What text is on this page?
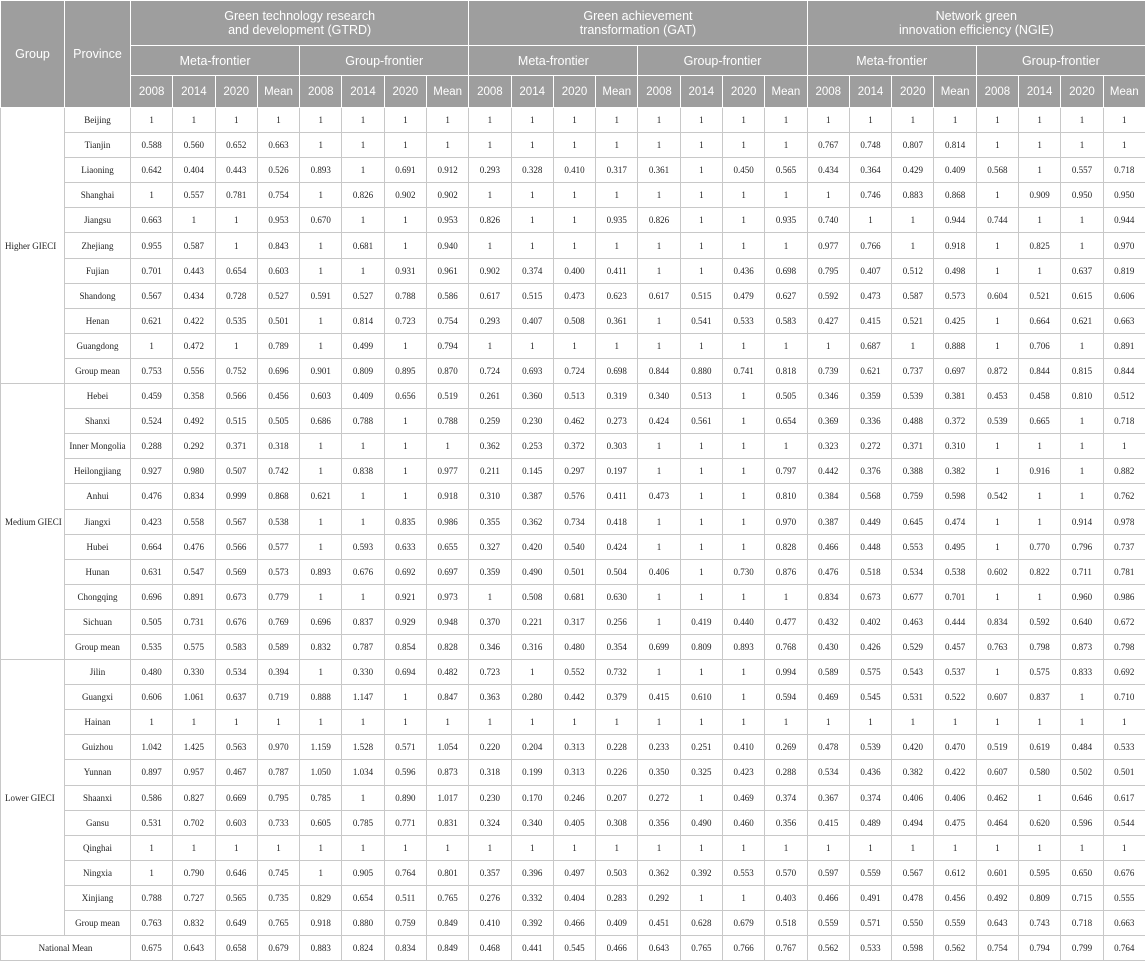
Group	Province	Green technology research
and development (GTRD)								Green achievement
transformation (GAT)								Network green
innovation efficiency (NGIE)							
		Meta-frontier				Group-frontier				Meta-frontier				Group-frontier				Meta-frontier				Group-frontier			
		2008	2014	2020	Mean	2008	2014	2020	Mean	2008	2014	2020	Mean	2008	2014	2020	Mean	2008	2014	2020	Mean	2008	2014	2020	Mean
Higher GIECI	Beijing	1	1	1	1	1	1	1	1	1	1	1	1	1	1	1	1	1	1	1	1	1	1	1	1
	Tianjin	0.588	0.560	0.652	0.663	1	1	1	1	1	1	1	1	1	1	1	1	0.767	0.748	0.807	0.814	1	1	1	1
	Liaoning	0.642	0.404	0.443	0.526	0.893	1	0.691	0.912	0.293	0.328	0.410	0.317	0.361	1	0.450	0.565	0.434	0.364	0.429	0.409	0.568	1	0.557	0.718
	Shanghai	1	0.557	0.781	0.754	1	0.826	0.902	0.902	1	1	1	1	1	1	1	1	1	0.746	0.883	0.868	1	0.909	0.950	0.950
	Jiangsu	0.663	1	1	0.953	0.670	1	1	0.953	0.826	1	1	0.935	0.826	1	1	0.935	0.740	1	1	0.944	0.744	1	1	0.944
	Zhejiang	0.955	0.587	1	0.843	1	0.681	1	0.940	1	1	1	1	1	1	1	1	0.977	0.766	1	0.918	1	0.825	1	0.970
	Fujian	0.701	0.443	0.654	0.603	1	1	0.931	0.961	0.902	0.374	0.400	0.411	1	1	0.436	0.698	0.795	0.407	0.512	0.498	1	1	0.637	0.819
	Shandong	0.567	0.434	0.728	0.527	0.591	0.527	0.788	0.586	0.617	0.515	0.473	0.623	0.617	0.515	0.479	0.627	0.592	0.473	0.587	0.573	0.604	0.521	0.615	0.606
	Henan	0.621	0.422	0.535	0.501	1	0.814	0.723	0.754	0.293	0.407	0.508	0.361	1	0.541	0.533	0.583	0.427	0.415	0.521	0.425	1	0.664	0.621	0.663
	Guangdong	1	0.472	1	0.789	1	0.499	1	0.794	1	1	1	1	1	1	1	1	1	0.687	1	0.888	1	0.706	1	0.891
	Group mean	0.753	0.556	0.752	0.696	0.901	0.809	0.895	0.870	0.724	0.693	0.724	0.698	0.844	0.880	0.741	0.818	0.739	0.621	0.737	0.697	0.872	0.844	0.815	0.844
Medium GIECI	Hebei	0.459	0.358	0.566	0.456	0.603	0.409	0.656	0.519	0.261	0.360	0.513	0.319	0.340	0.513	1	0.505	0.346	0.359	0.539	0.381	0.453	0.458	0.810	0.512
	Shanxi	0.524	0.492	0.515	0.505	0.686	0.788	1	0.788	0.259	0.230	0.462	0.273	0.424	0.561	1	0.654	0.369	0.336	0.488	0.372	0.539	0.665	1	0.718
	Inner Mongolia	0.288	0.292	0.371	0.318	1	1	1	1	0.362	0.253	0.372	0.303	1	1	1	1	0.323	0.272	0.371	0.310	1	1	1	1
	Heilongjiang	0.927	0.980	0.507	0.742	1	0.838	1	0.977	0.211	0.145	0.297	0.197	1	1	1	0.797	0.442	0.376	0.388	0.382	1	0.916	1	0.882
	Anhui	0.476	0.834	0.999	0.868	0.621	1	1	0.918	0.310	0.387	0.576	0.411	0.473	1	1	0.810	0.384	0.568	0.759	0.598	0.542	1	1	0.762
	Jiangxi	0.423	0.558	0.567	0.538	1	1	0.835	0.986	0.355	0.362	0.734	0.418	1	1	1	0.970	0.387	0.449	0.645	0.474	1	1	0.914	0.978
	Hubei	0.664	0.476	0.566	0.577	1	0.593	0.633	0.655	0.327	0.420	0.540	0.424	1	1	1	0.828	0.466	0.448	0.553	0.495	1	0.770	0.796	0.737
	Hunan	0.631	0.547	0.569	0.573	0.893	0.676	0.692	0.697	0.359	0.490	0.501	0.504	0.406	1	0.730	0.876	0.476	0.518	0.534	0.538	0.602	0.822	0.711	0.781
	Chongqing	0.696	0.891	0.673	0.779	1	1	0.921	0.973	1	0.508	0.681	0.630	1	1	1	1	0.834	0.673	0.677	0.701	1	1	0.960	0.986
	Sichuan	0.505	0.731	0.676	0.769	0.696	0.837	0.929	0.948	0.370	0.221	0.317	0.256	1	0.419	0.440	0.477	0.432	0.402	0.463	0.444	0.834	0.592	0.640	0.672
	Group mean	0.535	0.575	0.583	0.589	0.832	0.787	0.854	0.828	0.346	0.316	0.480	0.354	0.699	0.809	0.893	0.768	0.430	0.426	0.529	0.457	0.763	0.798	0.873	0.798
Lower GIECI	Jilin	0.480	0.330	0.534	0.394	1	0.330	0.694	0.482	0.723	1	0.552	0.732	1	1	1	0.994	0.589	0.575	0.543	0.537	1	0.575	0.833	0.692
	Guangxi	0.606	1.061	0.637	0.719	0.888	1.147	1	0.847	0.363	0.280	0.442	0.379	0.415	0.610	1	0.594	0.469	0.545	0.531	0.522	0.607	0.837	1	0.710
	Hainan	1	1	1	1	1	1	1	1	1	1	1	1	1	1	1	1	1	1	1	1	1	1	1	1
	Guizhou	1.042	1.425	0.563	0.970	1.159	1.528	0.571	1.054	0.220	0.204	0.313	0.228	0.233	0.251	0.410	0.269	0.478	0.539	0.420	0.470	0.519	0.619	0.484	0.533
	Yunnan	0.897	0.957	0.467	0.787	1.050	1.034	0.596	0.873	0.318	0.199	0.313	0.226	0.350	0.325	0.423	0.288	0.534	0.436	0.382	0.422	0.607	0.580	0.502	0.501
	Shaanxi	0.586	0.827	0.669	0.795	0.785	1	0.890	1.017	0.230	0.170	0.246	0.207	0.272	1	0.469	0.374	0.367	0.374	0.406	0.406	0.462	1	0.646	0.617
	Gansu	0.531	0.702	0.603	0.733	0.605	0.785	0.771	0.831	0.324	0.340	0.405	0.308	0.356	0.490	0.460	0.356	0.415	0.489	0.494	0.475	0.464	0.620	0.596	0.544
	Qinghai	1	1	1	1	1	1	1	1	1	1	1	1	1	1	1	1	1	1	1	1	1	1	1	1
	Ningxia	1	0.790	0.646	0.745	1	0.905	0.764	0.801	0.357	0.396	0.497	0.503	0.362	0.392	0.553	0.570	0.597	0.559	0.567	0.612	0.601	0.595	0.650	0.676
	Xinjiang	0.788	0.727	0.565	0.735	0.829	0.654	0.511	0.765	0.276	0.332	0.404	0.283	0.292	1	1	0.403	0.466	0.491	0.478	0.456	0.492	0.809	0.715	0.555
	Group mean	0.763	0.832	0.649	0.765	0.918	0.880	0.759	0.849	0.410	0.392	0.466	0.409	0.451	0.628	0.679	0.518	0.559	0.571	0.550	0.559	0.643	0.743	0.718	0.663
National Mean		0.675	0.643	0.658	0.679	0.883	0.824	0.834	0.849	0.468	0.441	0.545	0.466	0.643	0.765	0.766	0.767	0.562	0.533	0.598	0.562	0.754	0.794	0.799	0.764
